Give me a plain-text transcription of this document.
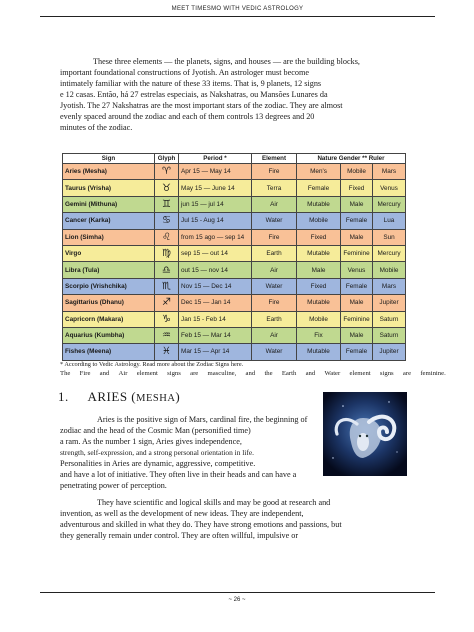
MEET TIMESMO WITH VEDIC ASTROLOGY

These three elements — the planets, signs, and houses — are the building blocks,
important foundational constructions of Jyotish. An astrologer must become
intimately familiar with the nature of these 33 items. That is, 9 planets, 12 signs
e 12 casas. Então, há 27 estrelas especiais, as Nakshatras, ou Mansões Lunares da
Jyotish. The 27 Nakshatras are the most important stars of the zodiac. They are almost
evenly spaced around the zodiac and each of them controls 13 degrees and 20
minutes of the zodiac.

Sign	Glyph	Period *	Element	Nature Gender ** Ruler		
Aries (Mesha)	♈	Apr 15 — May 14	Fire	Men's	Mobile	Mars
Taurus (Vrisha)	♉	May 15 — June 14	Terra	Female	Fixed	Venus
Gemini (Mithuna)	♊	jun 15 — jul 14	Air	Mutable	Male	Mercury
Cancer (Karka)	♋	Jul 15 - Aug 14	Water	Mobile	Female	Lua
Lion (Simha)	♌	from 15 ago — sep 14	Fire	Fixed	Male	Sun
Virgo	♍	sep 15 — out 14	Earth	Mutable	Feminine	Mercury
Libra (Tula)	♎	out 15 — nov 14	Air	Male	Venus	Mobile
Scorpio (Vrishchika)	♏	Nov 15 — Dec 14	Water	Fixed	Female	Mars
Sagittarius (Dhanu)	♐	Dec 15 — Jan 14	Fire	Mutable	Male	Jupiter
Capricorn (Makara)	♑	Jan 15 - Feb 14	Earth	Mobile	Feminine	Saturn
Aquarius (Kumbha)	♒	Feb 15 — Mar 14	Air	Fix	Male	Saturn
Fishes (Meena)	♓	Mar 15 — Apr 14	Water	Mutable	Female	Jupiter
* According to Vedic Astrology. Read more about the Zodiac Signs here.
The Fire and Air element signs are masculine, and the Earth and Water element signs are feminine.
1. ARIES (MESHA)

Aries is the positive sign of Mars, cardinal fire, the beginning of
zodiac and the head of the Cosmic Man (personified time)
a ram. As the number 1 sign, Aries gives independence,
strength, self-expression, and a strong personal orientation in life.
Personalities in Aries are dynamic, aggressive, competitive.
and have a lot of initiative. They often live in their heads and can have a
penetrating power of perception.
They have scientific and logical skills and may be good at research and
invention, as well as the development of new ideas. They are independent,
adventurous and skilled in what they do. They have strong emotions and passions, but
they generally remain under control. They are often willful, impulsive or

~ 26 ~
